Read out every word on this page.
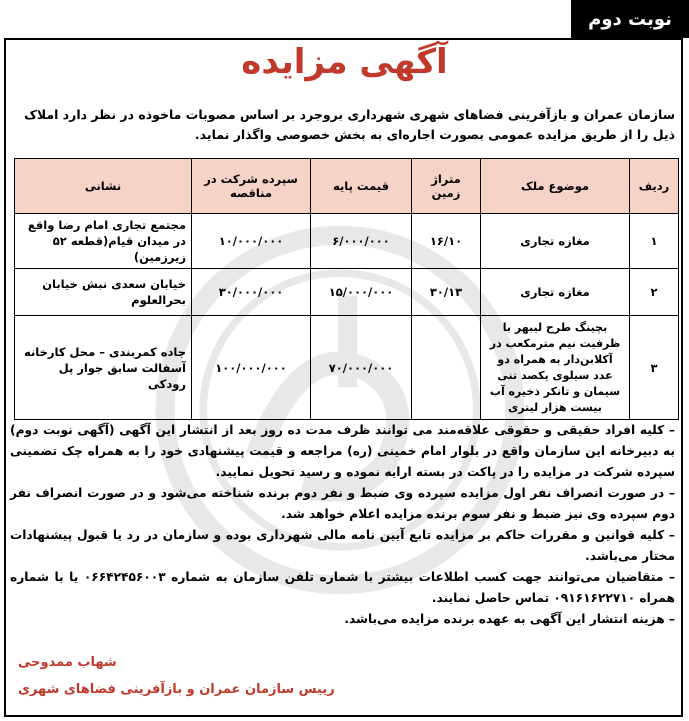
نوبت دوم
آگهی مزایده
سازمان عمران و بازآفرینی فضاهای شهری شهرداری بروجرد بر اساس مصوبات ماخوذه در نظر دارد املاک ذیل را از طریق مزایده عمومی بصورت اجاره‌ای به بخش خصوصی واگذار نماید.
ردیف	موضوع ملک	متراژ زمین	قیمت پایه	سپرده شرکت در مناقصه	نشانی
۱	مغازه تجاری	۱۶/۱۰	۶/۰۰۰/۰۰۰	۱۰/۰۰۰/۰۰۰	مجتمع تجاری امام رضا واقع در میدان قیام(قطعه ۵۲ زیرزمین)
۲	مغازه تجاری	۳۰/۱۳	۱۵/۰۰۰/۰۰۰	۳۰/۰۰۰/۰۰۰	خیابان سعدی نبش خیابان بحرالعلوم
۳	بچینگ طرح لیبهر با ظرفیت نیم مترمکعب در آکلابن‌دار به همراه دو عدد سیلوی یکصد تنی سیمان و تانکر ذخیره آب بیست هزار لیتری		۷۰/۰۰۰/۰۰۰	۱۰۰/۰۰۰/۰۰۰	جاده کمربندی – محل کارخانه آسفالت سابق جوار پل رودکی

– کلیه افراد حقیقی و حقوقی علاقه‌مند می توانند ظرف مدت ده روز بعد از انتشار این آگهی (آگهی نوبت دوم) به دبیرخانه این سازمان واقع در بلوار امام خمینی (ره) مراجعه و قیمت پیشنهادی خود را به همراه چک تضمینی سپرده شرکت در مزایده را در پاکت در بسته ارایه نموده و رسید تحویل نمایید.

– در صورت انصراف نفر اول مزایده سپرده وی ضبط و نفر دوم برنده شناخته می‌شود و در صورت انصراف نفر دوم سپرده وی نیز ضبط و نفر سوم برنده مزایده اعلام خواهد شد.

– کلیه قوانین و مقررات حاکم بر مزایده تابع آیین نامه مالی شهرداری بوده و سازمان در رد یا قبول پیشنهادات مختار می‌باشد.

– متقاضیان می‌توانند جهت کسب اطلاعات بیشتر با شماره تلفن سازمان به شماره ۰۶۶۴۲۴۵۶۰۰۳ یا با شماره همراه ۰۹۱۶۱۶۲۲۷۱۰ تماس حاصل نمایند.

– هزینه انتشار این آگهی به عهده برنده مزایده می‌باشد.

شهاب ممدوحی
رییس سازمان عمران و بازآفرینی فضاهای شهری
